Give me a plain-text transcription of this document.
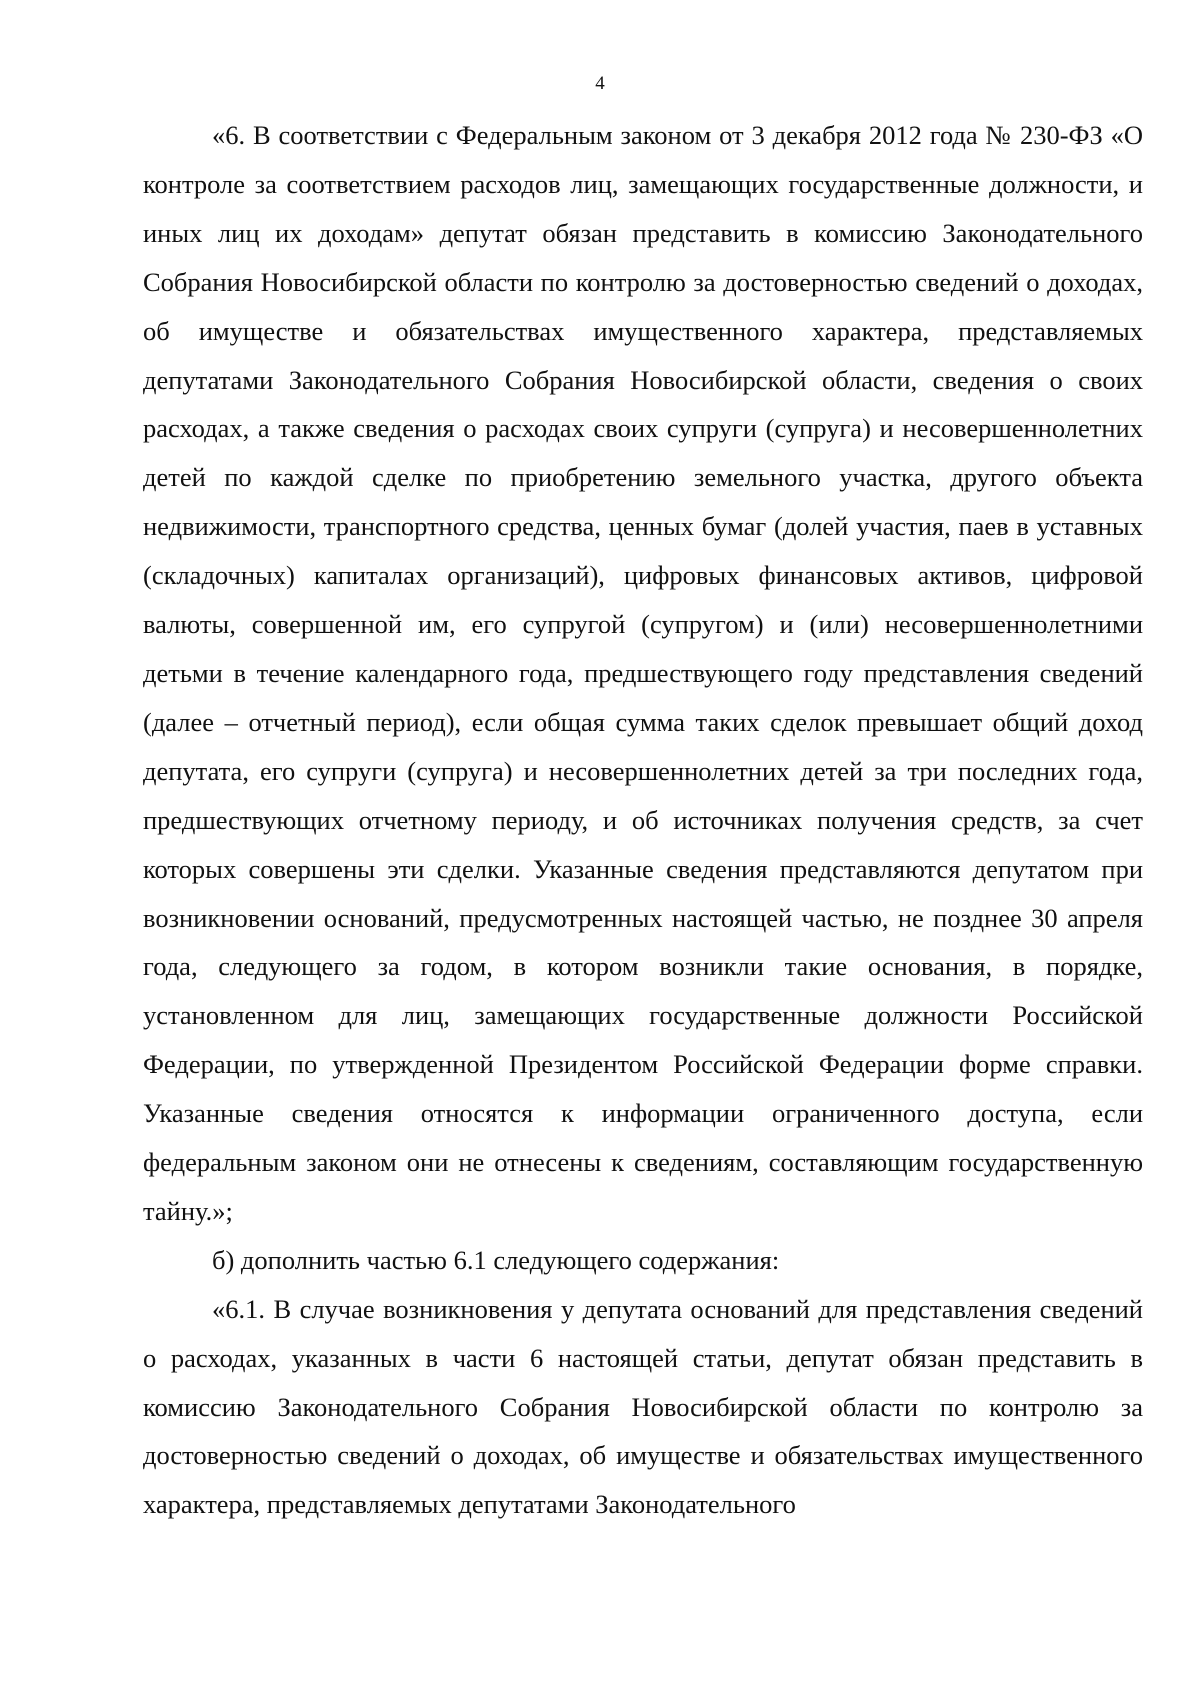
4

«6. В соответствии с Федеральным законом от 3 декабря 2012 года № 230-ФЗ «О контроле за соответствием расходов лиц, замещающих государственные должности, и иных лиц их доходам» депутат обязан представить в комиссию Законодательного Собрания Новосибирской области по контролю за достоверностью сведений о доходах, об имуществе и обязательствах имущественного характера, представляемых депутатами Законодательного Собрания Новосибирской области, сведения о своих расходах, а также сведения о расходах своих супруги (супруга) и несовершеннолетних детей по каждой сделке по приобретению земельного участка, другого объекта недвижимости, транспортного средства, ценных бумаг (долей участия, паев в уставных (складочных) капиталах организаций), цифровых финансовых активов, цифровой валюты, совершенной им, его супругой (супругом) и (или) несовершеннолетними детьми в течение календарного года, предшествующего году представления сведений (далее – отчетный период), если общая сумма таких сделок превышает общий доход депутата, его супруги (супруга) и несовершеннолетних детей за три последних года, предшествующих отчетному периоду, и об источниках получения средств, за счет которых совершены эти сделки. Указанные сведения представляются депутатом при возникновении оснований, предусмотренных настоящей частью, не позднее 30 апреля года, следующего за годом, в котором возникли такие основания, в порядке, установленном для лиц, замещающих государственные должности Российской Федерации, по утвержденной Президентом Российской Федерации форме справки. Указанные сведения относятся к информации ограниченного доступа, если федеральным законом они не отнесены к сведениям, составляющим государственную тайну.»;

б) дополнить частью 6.1 следующего содержания:

«6.1. В случае возникновения у депутата оснований для представления сведений о расходах, указанных в части 6 настоящей статьи, депутат обязан представить в комиссию Законодательного Собрания Новосибирской области по контролю за достоверностью сведений о доходах, об имуществе и обязательствах имущественного характера, представляемых депутатами Законодательного
